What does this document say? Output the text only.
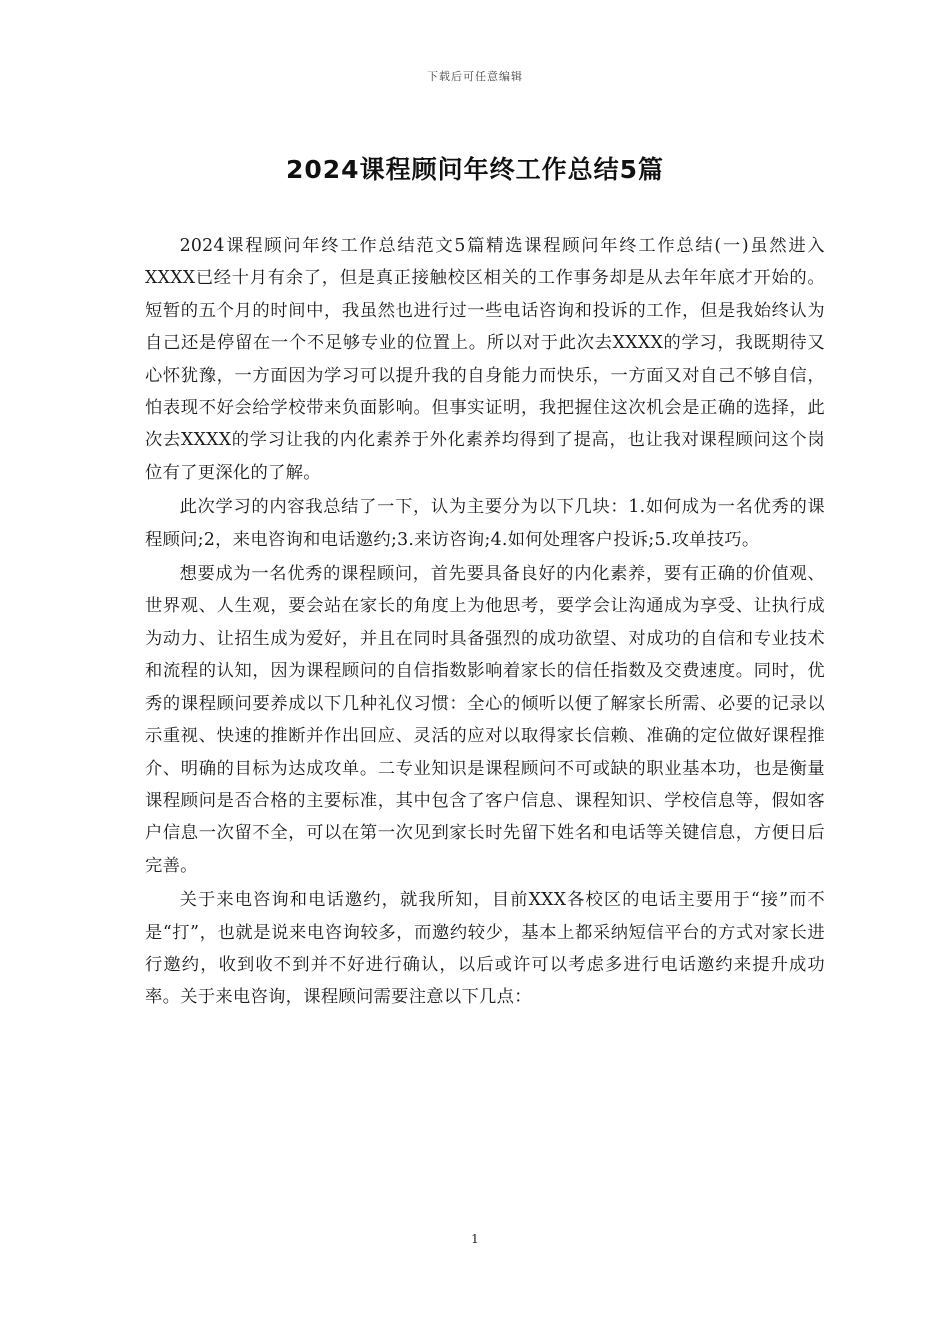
下载后可任意编辑
2024课程顾问年终工作总结5篇

2024课程顾问年终工作总结范文5篇精选课程顾问年终工作总结(一)虽然进入XXXX已经十月有余了，但是真正接触校区相关的工作事务却是从去年年底才开始的。短暂的五个月的时间中，我虽然也进行过一些电话咨询和投诉的工作，但是我始终认为自己还是停留在一个不足够专业的位置上。所以对于此次去XXXX的学习，我既期待又心怀犹豫，一方面因为学习可以提升我的自身能力而快乐，一方面又对自己不够自信，怕表现不好会给学校带来负面影响。但事实证明，我把握住这次机会是正确的选择，此次去XXXX的学习让我的内化素养于外化素养均得到了提高，也让我对课程顾问这个岗位有了更深化的了解。

此次学习的内容我总结了一下，认为主要分为以下几块：1.如何成为一名优秀的课程顾问;2，来电咨询和电话邀约;3.来访咨询;4.如何处理客户投诉;5.攻单技巧。

想要成为一名优秀的课程顾问，首先要具备良好的内化素养，要有正确的价值观、世界观、人生观，要会站在家长的角度上为他思考，要学会让沟通成为享受、让执行成为动力、让招生成为爱好，并且在同时具备强烈的成功欲望、对成功的自信和专业技术和流程的认知，因为课程顾问的自信指数影响着家长的信任指数及交费速度。同时，优秀的课程顾问要养成以下几种礼仪习惯：全心的倾听以便了解家长所需、必要的记录以示重视、快速的推断并作出回应、灵活的应对以取得家长信赖、准确的定位做好课程推介、明确的目标为达成攻单。二专业知识是课程顾问不可或缺的职业基本功，也是衡量课程顾问是否合格的主要标准，其中包含了客户信息、课程知识、学校信息等，假如客户信息一次留不全，可以在第一次见到家长时先留下姓名和电话等关键信息，方便日后完善。

关于来电咨询和电话邀约，就我所知，目前XXX各校区的电话主要用于“接”而不是“打”，也就是说来电咨询较多，而邀约较少，基本上都采纳短信平台的方式对家长进行邀约，收到收不到并不好进行确认，以后或许可以考虑多进行电话邀约来提升成功率。关于来电咨询，课程顾问需要注意以下几点：

1
